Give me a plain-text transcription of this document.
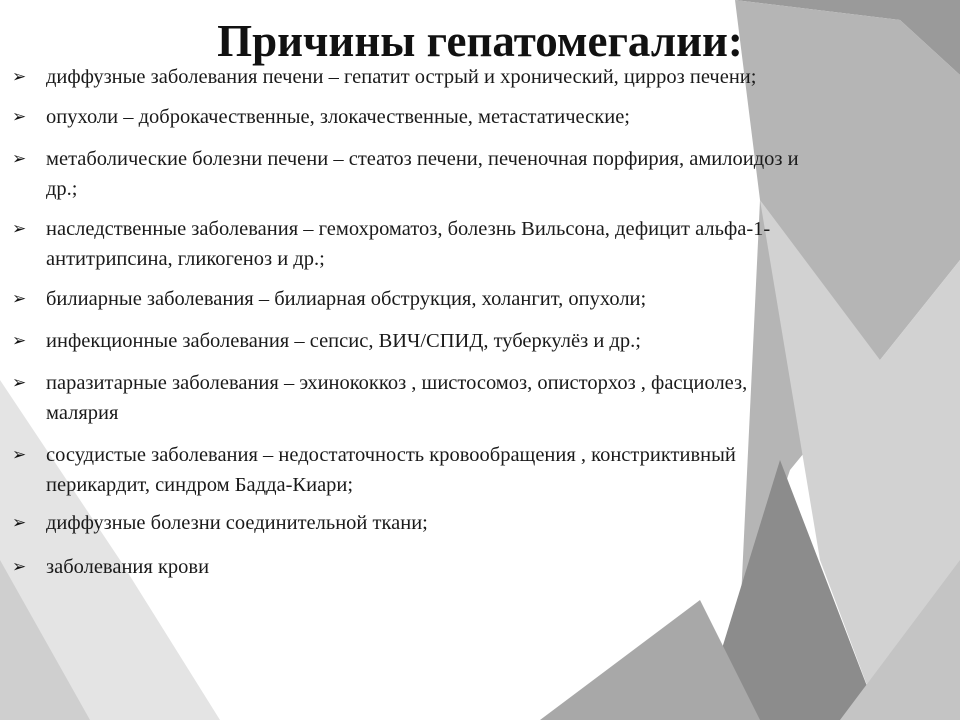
Причины гепатомегалии:
➢ диффузные заболевания печени – гепатит острый и хронический, цирроз печени;
➢ опухоли – доброкачественные, злокачественные, метастатические;
➢ метаболические болезни печени – стеатоз печени, печеночная порфирия, амилоидоз и
др.;
➢ наследственные заболевания – гемохроматоз, болезнь Вильсона, дефицит альфа-1-
антитрипсина, гликогеноз и др.;
➢ билиарные заболевания – билиарная обструкция, холангит, опухоли;
➢ инфекционные заболевания – сепсис, ВИЧ/СПИД, туберкулёз и др.;
➢ паразитарные заболевания – эхинококкоз , шистосомоз, описторхоз , фасциолез,
малярия
➢ сосудистые заболевания – недостаточность кровообращения , констриктивный
перикардит, синдром Бадда-Киари;
➢ диффузные болезни соединительной ткани;
➢ заболевания крови
